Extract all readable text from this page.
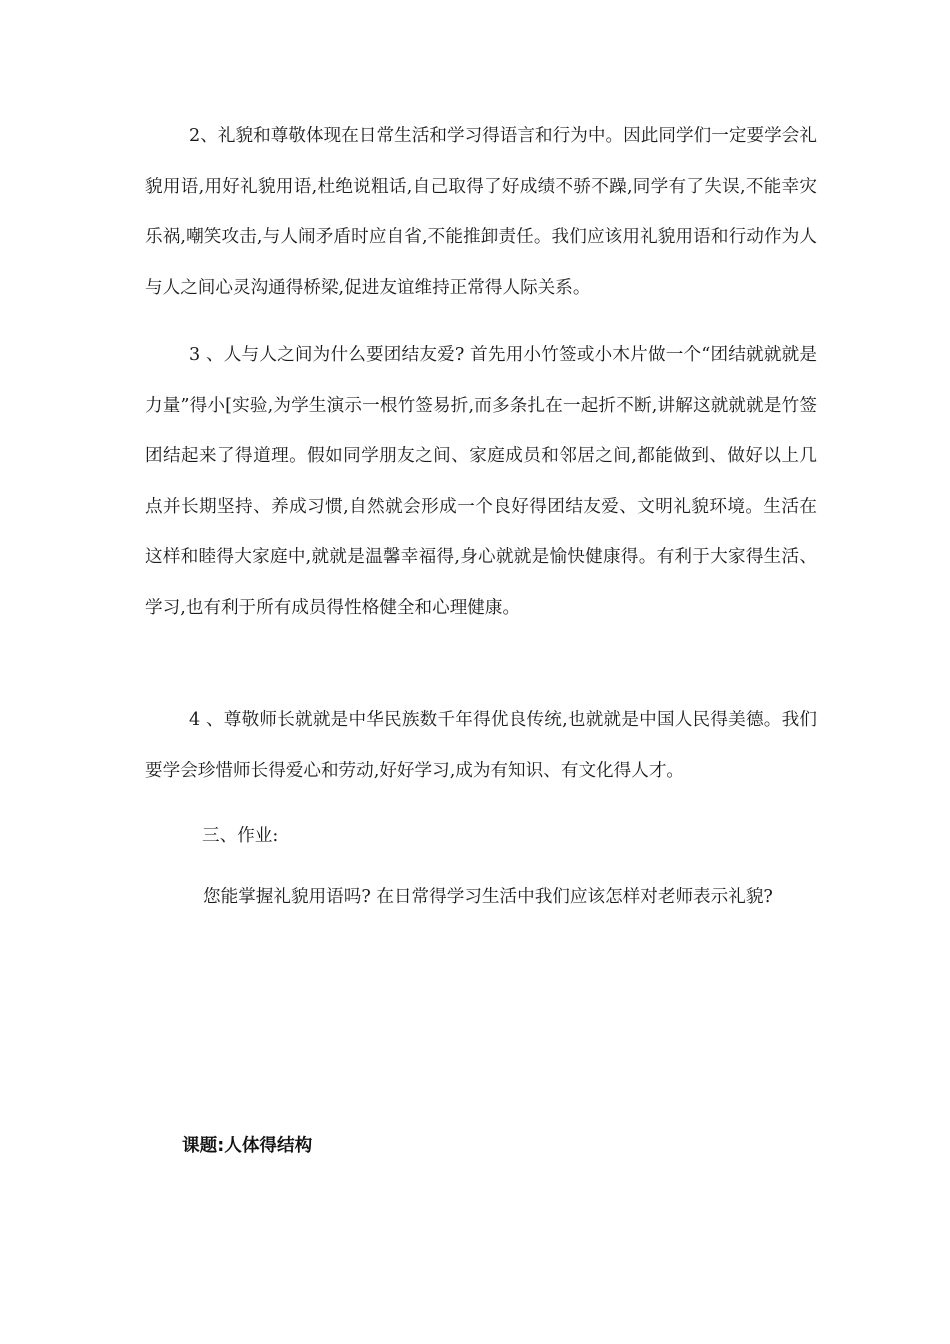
2、礼貌和尊敬体现在日常生活和学习得语言和行为中。因此同学们一定要学会礼貌用语,用好礼貌用语,杜绝说粗话,自己取得了好成绩不骄不躁,同学有了失误,不能幸灾乐祸,嘲笑攻击,与人闹矛盾时应自省,不能推卸责任。我们应该用礼貌用语和行动作为人与人之间心灵沟通得桥梁,促进友谊维持正常得人际关系。

3 、人与人之间为什么要团结友爱? 首先用小竹签或小木片做一个“团结就就就是力量”得小[实验,为学生演示一根竹签易折,而多条扎在一起折不断,讲解这就就就是竹签团结起来了得道理。假如同学朋友之间、家庭成员和邻居之间,都能做到、做好以上几点并长期坚持、养成习惯,自然就会形成一个良好得团结友爱、文明礼貌环境。生活在这样和睦得大家庭中,就就是温馨幸福得,身心就就是愉快健康得。有利于大家得生活、学习,也有利于所有成员得性格健全和心理健康。

4 、尊敬师长就就是中华民族数千年得优良传统,也就就是中国人民得美德。我们要学会珍惜师长得爱心和劳动,好好学习,成为有知识、有文化得人才。

三、作业:

您能掌握礼貌用语吗? 在日常得学习生活中我们应该怎样对老师表示礼貌?

课题:人体得结构
